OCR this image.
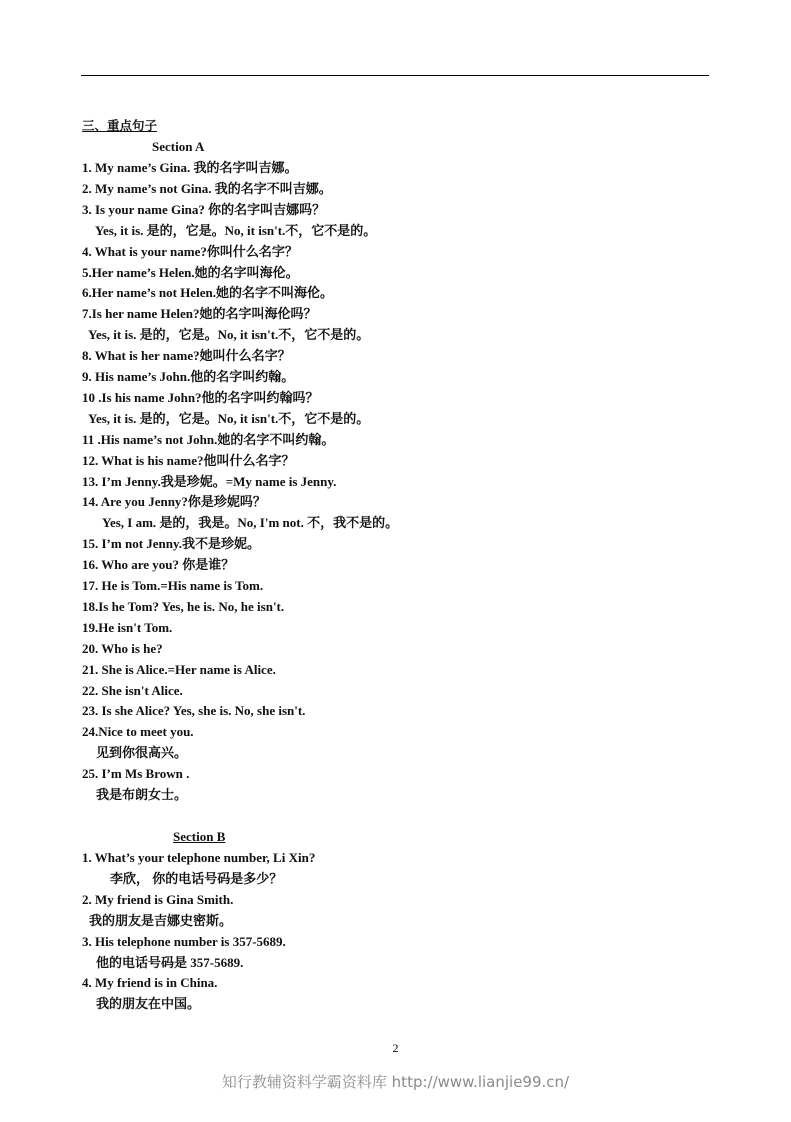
三、重点句子
Section A
1. My name’s Gina. 我的名字叫吉娜。
2. My name’s not Gina. 我的名字不叫吉娜。
3. Is your name Gina? 你的名字叫吉娜吗？
Yes, it is. 是的，它是。No, it isn't.不，它不是的。
4. What is your name?你叫什么名字？
5.Her name’s Helen.她的名字叫海伦。
6.Her name’s not Helen.她的名字不叫海伦。
7.Is her name Helen?她的名字叫海伦吗？
Yes, it is. 是的，它是。No, it isn't.不，它不是的。
8. What is her name?她叫什么名字？
9. His name’s John.他的名字叫约翰。
10 .Is his name John?他的名字叫约翰吗？
Yes, it is. 是的，它是。No, it isn't.不，它不是的。
11 .His name’s not John.她的名字不叫约翰。
12. What is his name?他叫什么名字？
13. I’m Jenny.我是珍妮。=My name is Jenny.
14. Are you Jenny?你是珍妮吗？
Yes, I am. 是的，我是。No, I'm not. 不，我不是的。
15. I’m not Jenny.我不是珍妮。
16. Who are you? 你是谁？
17. He is Tom.=His name is Tom.
18.Is he Tom? Yes, he is. No, he isn't.
19.He isn't Tom.
20. Who is he?
21. She is Alice.=Her name is Alice.
22. She isn't Alice.
23. Is she Alice? Yes, she is. No, she isn't.
24.Nice to meet you.
见到你很高兴。
25. I’m Ms Brown .
我是布朗女士。
Section B
1. What’s your telephone number, Li Xin?
李欣， 你的电话号码是多少？
2. My friend is Gina Smith.
我的朋友是吉娜史密斯。
3. His telephone number is 357-5689.
他的电话号码是 357-5689.
4. My friend is in China.
我的朋友在中国。
2
知行教辅资料学霸资料库 http://www.lianjie99.cn/
